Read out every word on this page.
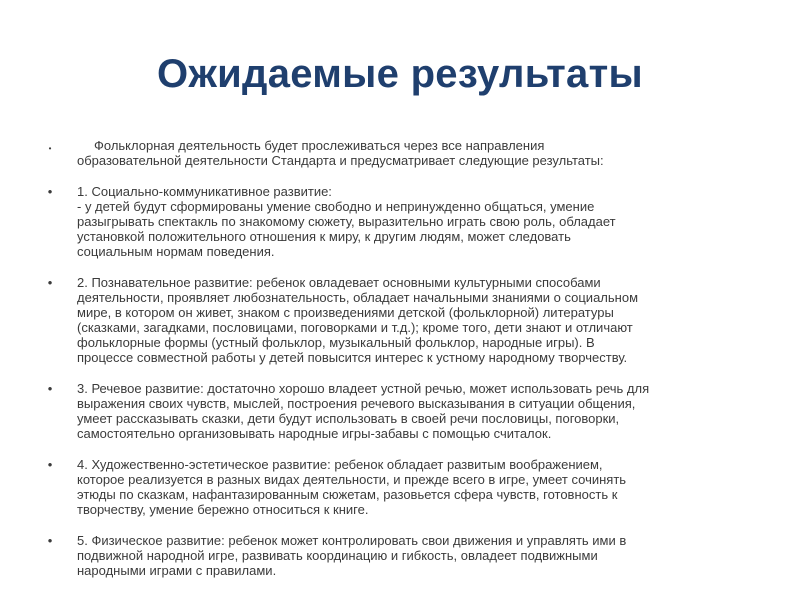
Ожидаемые результаты
•	Фольклорная деятельность будет прослеживаться через все направления
образовательной деятельности Стандарта и предусматривает следующие результаты:
• 1. Социально-коммуникативное развитие:
- у детей будут сформированы умение свободно и непринужденно общаться, умение
разыгрывать спектакль по знакомому сюжету, выразительно играть свою роль, обладает
установкой положительного отношения к миру, к другим людям, может следовать
социальным нормам поведения.
• 2. Познавательное развитие: ребенок овладевает основными культурными способами
деятельности, проявляет любознательность, обладает начальными знаниями о социальном
мире, в котором он живет, знаком с произведениями детской (фольклорной) литературы
(сказками, загадками, пословицами, поговорками и т.д.); кроме того, дети знают и отличают
фольклорные формы (устный фольклор, музыкальный фольклор, народные игры). В
процессе совместной работы у детей повысится интерес к устному народному творчеству.
• 3. Речевое развитие: достаточно хорошо владеет устной речью, может использовать речь для
выражения своих чувств, мыслей, построения речевого высказывания в ситуации общения,
умеет рассказывать сказки, дети будут использовать в своей речи пословицы, поговорки,
самостоятельно организовывать народные игры-забавы с помощью считалок.
• 4. Художественно-эстетическое развитие: ребенок обладает развитым воображением,
которое реализуется в разных видах деятельности, и прежде всего в игре, умеет сочинять
этюды по сказкам, нафантазированным сюжетам, разовьется сфера чувств, готовность к
творчеству, умение бережно относиться к книге.
• 5. Физическое развитие: ребенок может контролировать свои движения и управлять ими в
подвижной народной игре, развивать координацию и гибкость, овладеет подвижными
народными играми с правилами.
